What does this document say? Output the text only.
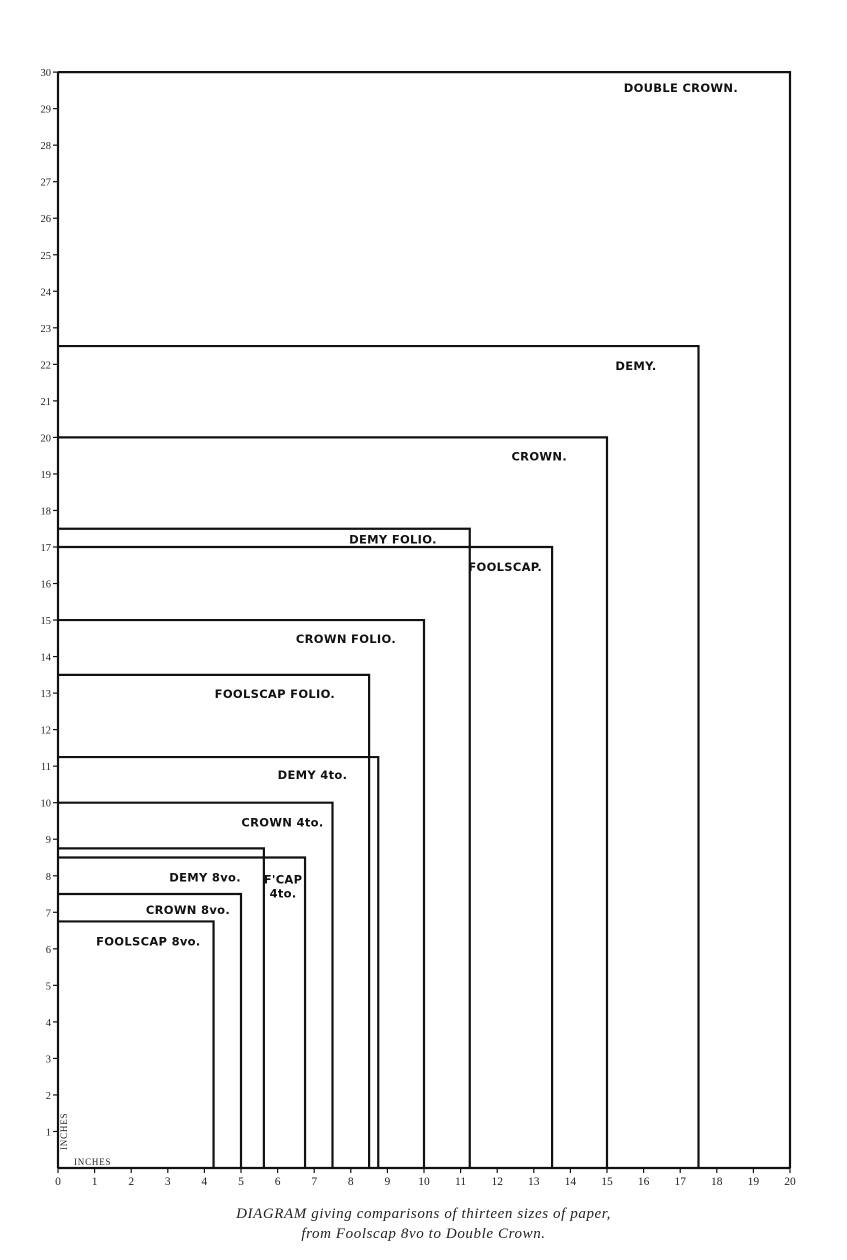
30
29
28
27
26
25
24
23
22
21
20
19
18
17
16
15
14
13
12
11
10
9
8
7
6
5
4
3
2
1
0	1	2	3	4	5	6	7	8	9 10 11 12 13 14 15 16 17 18 19 20
DOUBLE CROWN.
DEMY.
CROWN.
DEMY FOLIO.
FOOLSCAP.
CROWN FOLIO.
FOOLSCAP FOLIO.
DEMY 4to.
CROWN 4to.
F'CAP 4to.
DEMY 8vo.
CROWN 8vo.
FOOLSCAP 8vo.
INCHES
INCHES
DIAGRAM giving comparisons of thirteen sizes of paper,
from Foolscap 8vo to Double Crown.
